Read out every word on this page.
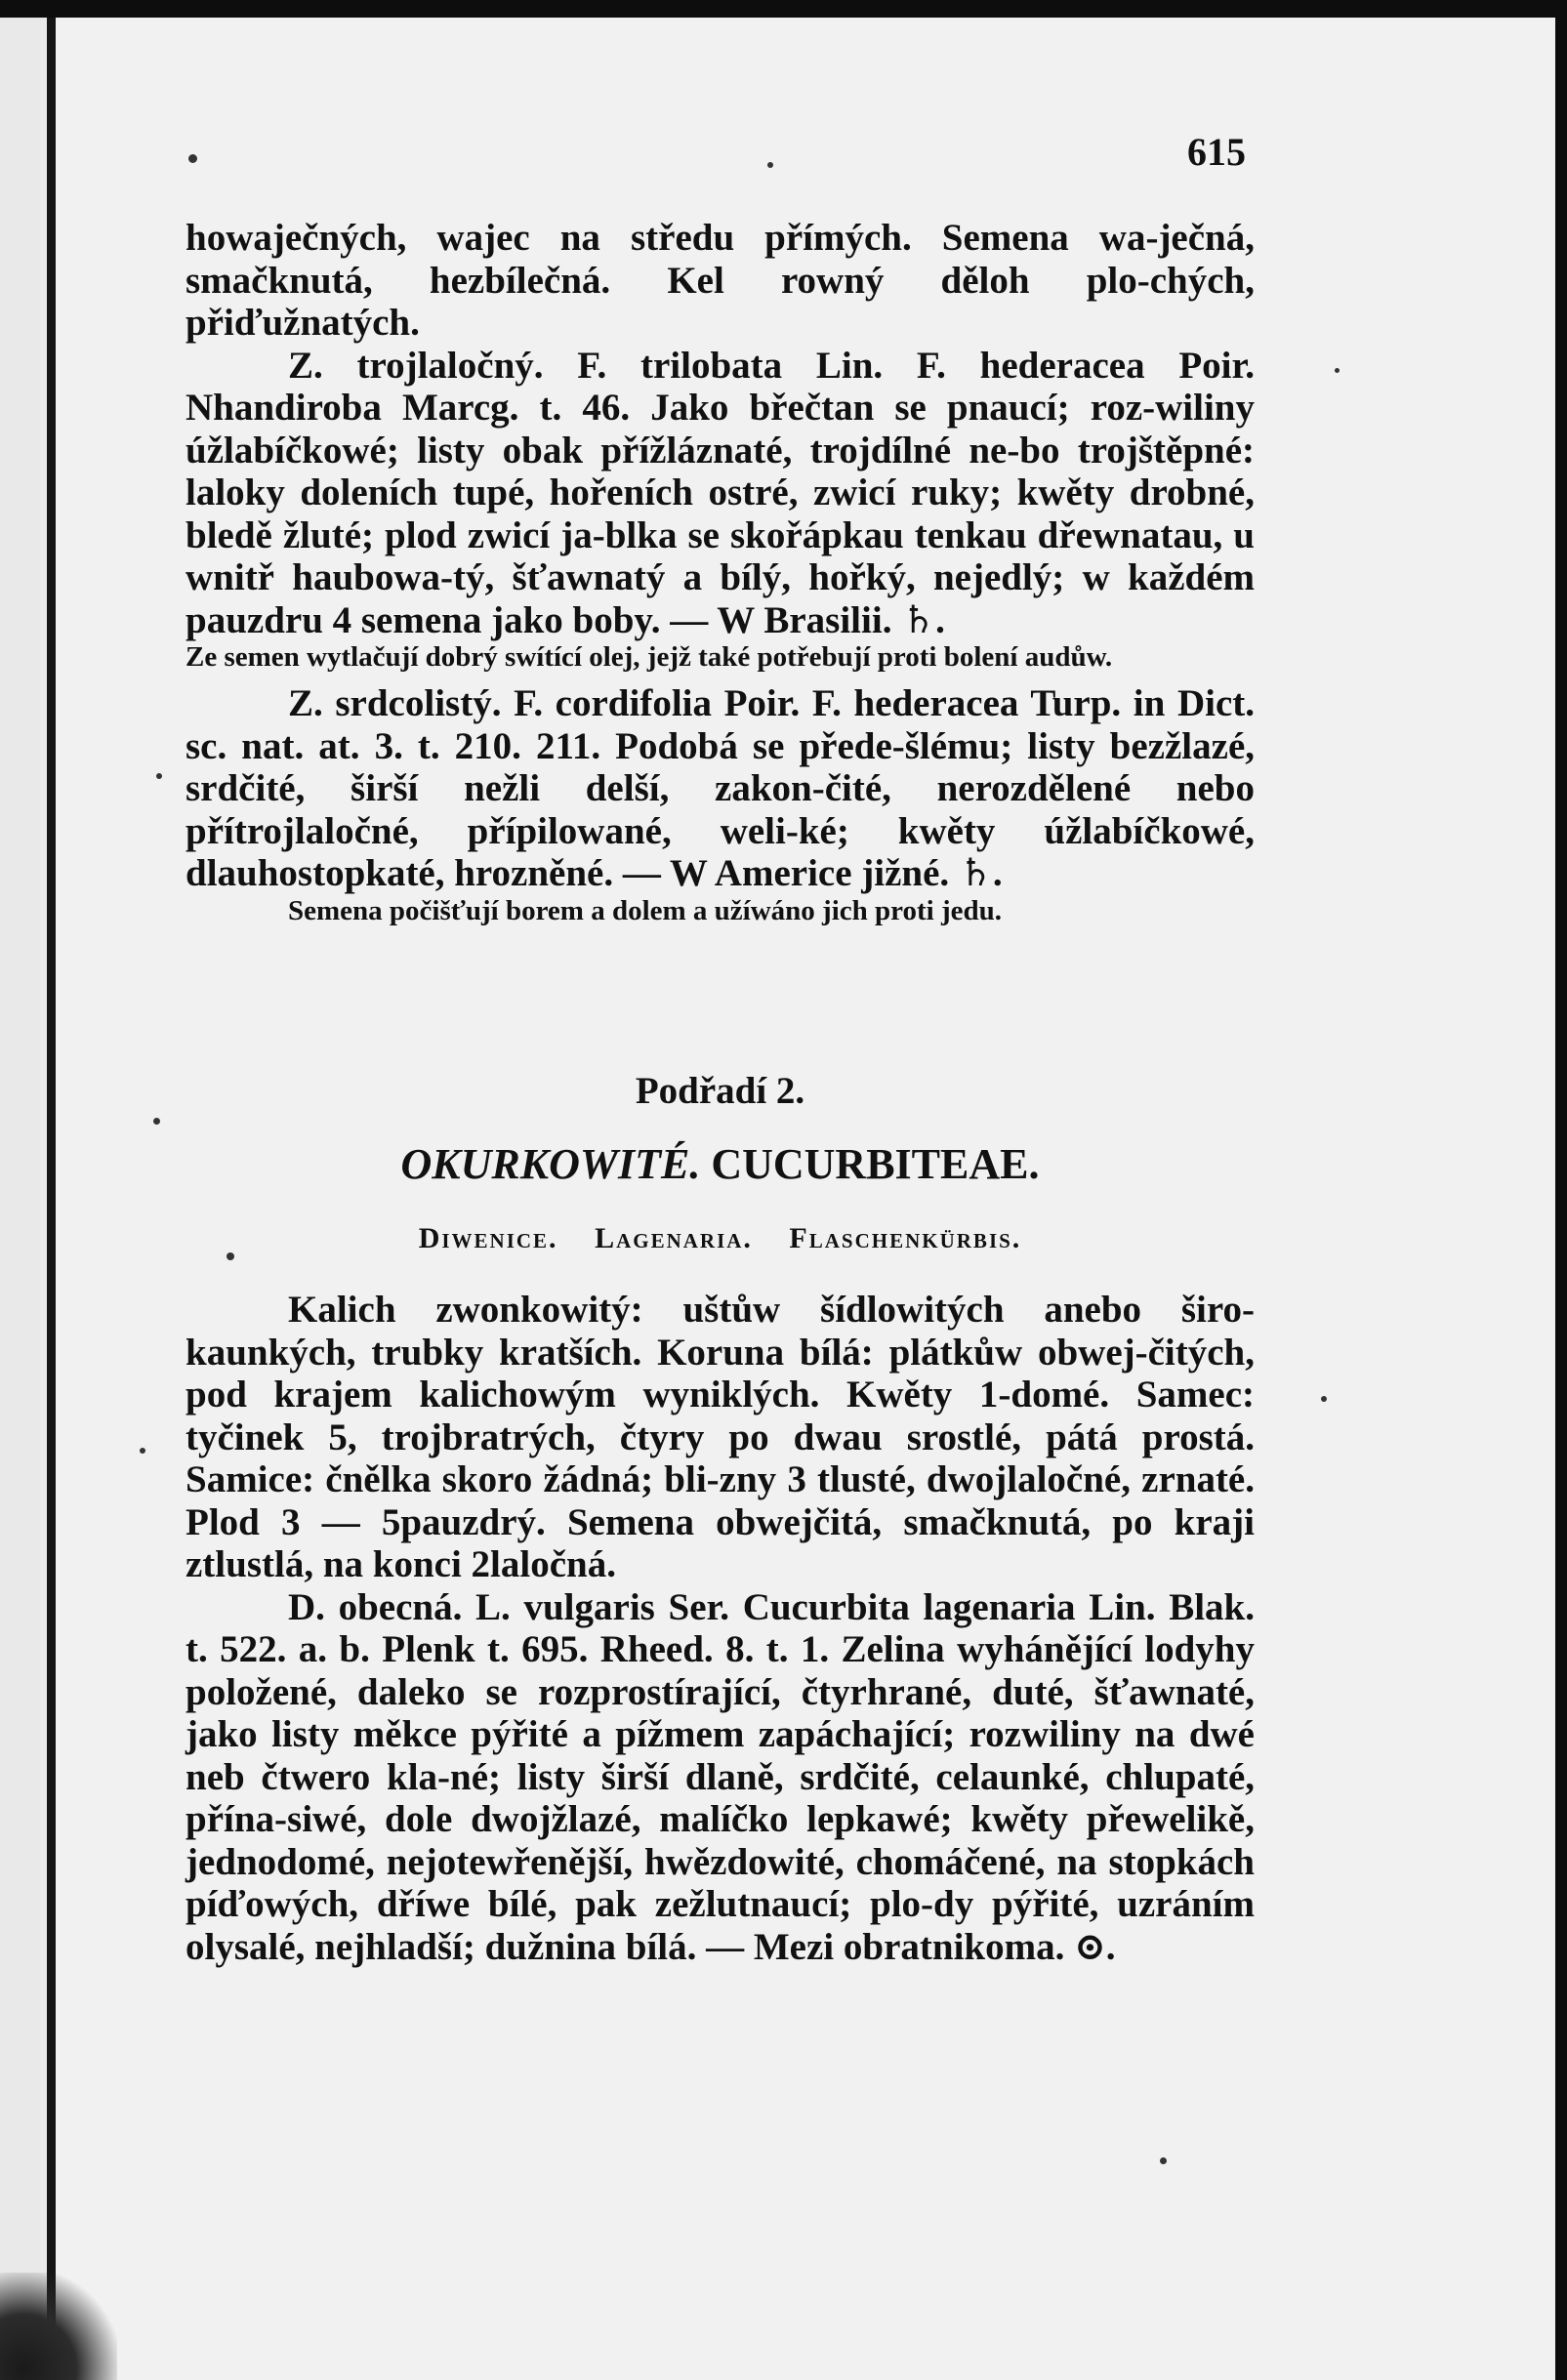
615

howaječných, wajec na středu přímých. Semena wa-ječná, smačknutá, hezbílečná. Kel rowný děloh plo-chých, přiďužnatých.

Z. trojlaločný. F. trilobata Lin. F. hederacea Poir. Nhandiroba Marcg. t. 46. Jako břečtan se pnaucí; roz-wiliny úžlabíčkowé; listy obak přížláznaté, trojdílné ne-bo trojštěpné: laloky doleních tupé, hořeních ostré, zwicí ruky; kwěty drobné, bledě žluté; plod zwicí ja-blka se skořápkau tenkau dřewnatau, u wnitř haubowa-tý, šťawnatý a bílý, hořký, nejedlý; w každém pauzdru 4 semena jako boby. — W Brasilii. ♄.

Ze semen wytlačují dobrý swítící olej, jejž také potřebují proti bolení audůw.

Z. srdcolistý. F. cordifolia Poir. F. hederacea Turp. in Dict. sc. nat. at. 3. t. 210. 211. Podobá se přede-šlému; listy bezžlazé, srdčité, širší nežli delší, zakon-čité, nerozdělené nebo přítrojlaločné, přípilowané, weli-ké; kwěty úžlabíčkowé, dlauhostopkaté, hrozněné. — W Americe jižné. ♄.

Semena počišťují borem a dolem a užíwáno jich proti jedu.

Podřadí 2.
OKURKOWITÉ. CUCURBITEAE.
Diwenice. Lagenaria. Flaschenkürbis.

Kalich zwonkowitý: uštůw šídlowitých anebo širo-kaunkých, trubky kratších. Koruna bílá: plátkůw obwej-čitých, pod krajem kalichowým wyniklých. Kwěty 1-domé. Samec: tyčinek 5, trojbratrých, čtyry po dwau srostlé, pátá prostá. Samice: čnělka skoro žádná; bli-zny 3 tlusté, dwojlaločné, zrnaté. Plod 3 — 5pauzdrý. Semena obwejčitá, smačknutá, po kraji ztlustlá, na konci 2laločná.

D. obecná. L. vulgaris Ser. Cucurbita lagenaria Lin. Blak. t. 522. a. b. Plenk t. 695. Rheed. 8. t. 1. Zelina wyhánějící lodyhy položené, daleko se rozprostírající, čtyrhrané, duté, šťawnaté, jako listy měkce pýřité a pížmem zapáchající; rozwiliny na dwé neb čtwero kla-né; listy širší dlaně, srdčité, celaunké, chlupaté, přína-siwé, dole dwojžlazé, malíčko lepkawé; kwěty přewelikě, jednodomé, nejotewřenější, hwězdowité, chomáčené, na stopkách píďowých, dříwe bílé, pak zežlutnaucí; plo-dy pýřité, uzráním olysalé, nejhladší; dužnina bílá. — Mezi obratnikoma. ⊙.
